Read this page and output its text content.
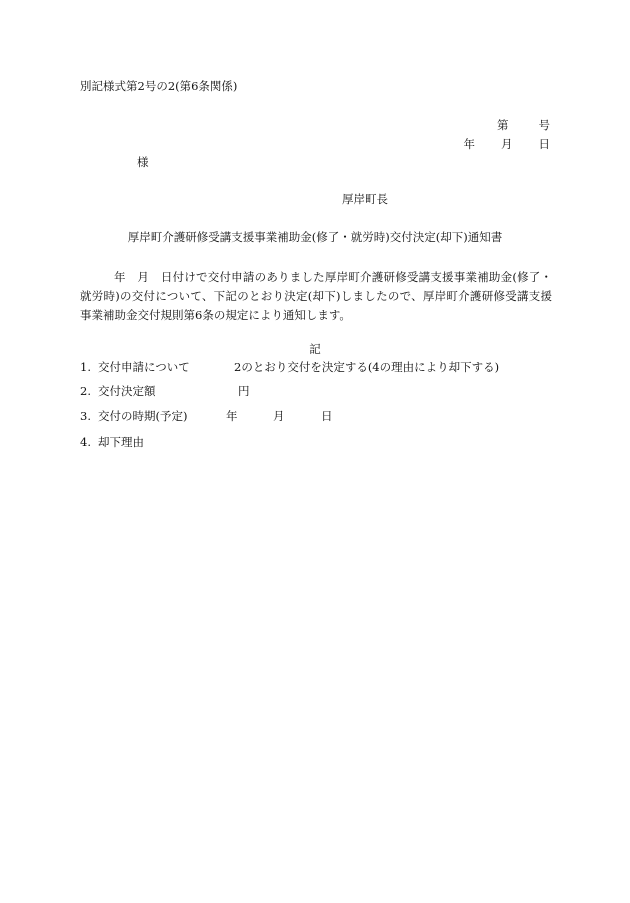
別記様式第2号の2(第6条関係)
第	号
年 月 日
様
厚岸町長
厚岸町介護研修受講支援事業補助金(修了・就労時)交付決定(却下)通知書
年　月　日付けで交付申請のありました厚岸町介護研修受講支援事業補助金(修了・就労時)の交付について、下記のとおり決定(却下)しましたので、厚岸町介護研修受講支援事業補助金交付規則第6条の規定により通知します。
記
1. 交付申請について	2のとおり交付を決定する(4の理由により却下する)
2. 交付決定額	円
3. 交付の時期(予定)	年	月	日
4. 却下理由
